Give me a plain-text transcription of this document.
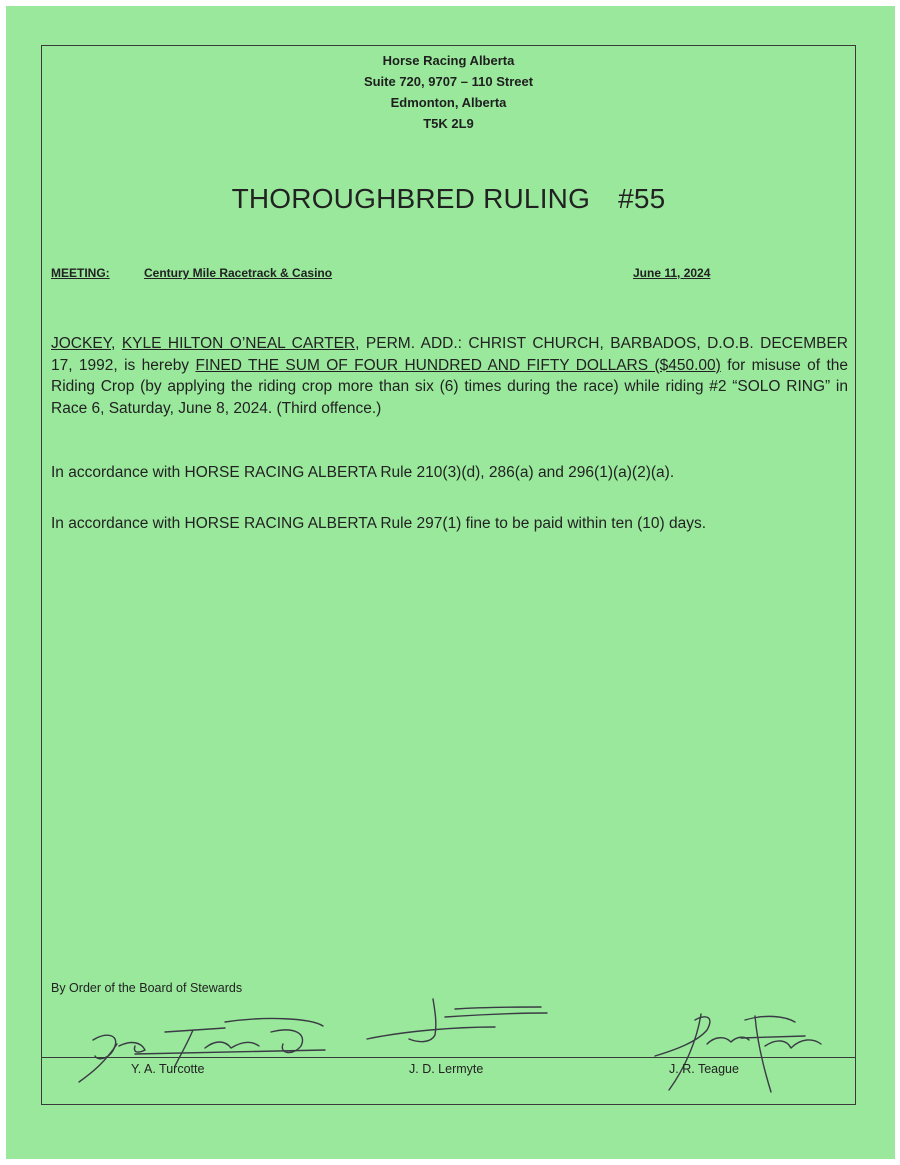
Horse Racing Alberta
Suite 720, 9707 – 110 Street
Edmonton, Alberta
T5K 2L9
THOROUGHBRED RULING #55
MEETING:	Century Mile Racetrack & Casino	June 11, 2024
JOCKEY, KYLE HILTON O’NEAL CARTER, PERM. ADD.: CHRIST CHURCH, BARBADOS, D.O.B. DECEMBER 17, 1992, is hereby FINED THE SUM OF FOUR HUNDRED AND FIFTY DOLLARS ($450.00) for misuse of the Riding Crop (by applying the riding crop more than six (6) times during the race) while riding #2 “SOLO RING” in Race 6, Saturday, June 8, 2024. (Third offence.)
In accordance with HORSE RACING ALBERTA Rule 210(3)(d), 286(a) and 296(1)(a)(2)(a).
In accordance with HORSE RACING ALBERTA Rule 297(1) fine to be paid within ten (10) days.
By Order of the Board of Stewards
Y. A. Turcotte	J. D. Lermyte	J. R. Teague
